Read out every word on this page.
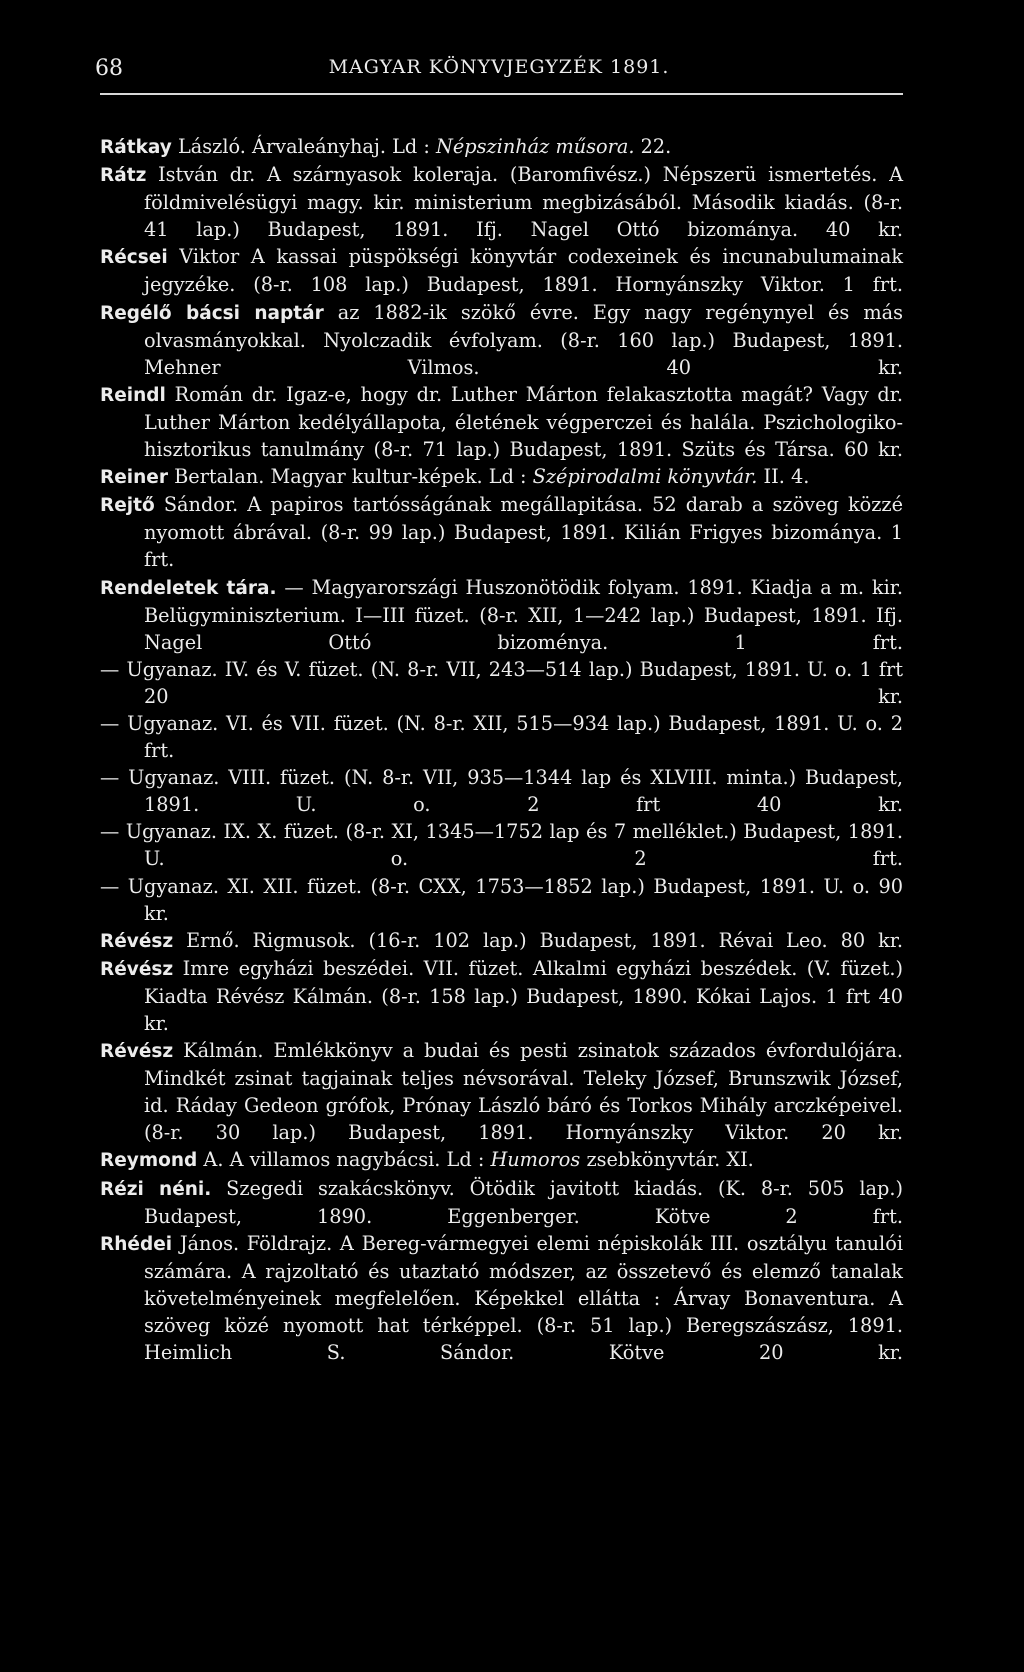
68	MAGYAR KÖNYVJEGYZÉK 1891.
Rátkay László. Árvaleányhaj. Ld : Népszinház műsora. 22.
Rátz István dr. A szárnyasok koleraja. (Baromfivész.) Népszerü ismertetés. A földmivelésügyi magy. kir. ministerium megbizásából. Második kiadás. (8-r. 41 lap.) Budapest, 1891. Ifj. Nagel Ottó bizománya. 40 kr.
Récsei Viktor A kassai püspökségi könyvtár codexeinek és incunabulumainak jegyzéke. (8-r. 108 lap.) Budapest, 1891. Hornyánszky Viktor. 1 frt.
Regélő bácsi naptár az 1882-ik szökő évre. Egy nagy regénynyel és más olvasmányokkal. Nyolczadik évfolyam. (8-r. 160 lap.) Budapest, 1891. Mehner Vilmos. 40 kr.
Reindl Román dr. Igaz-e, hogy dr. Luther Márton felakasztotta magát? Vagy dr. Luther Márton kedélyállapota, életének végperczei és halála. Pszichologiko-hisztorikus tanulmány (8-r. 71 lap.) Budapest, 1891. Szüts és Társa. 60 kr.
Reiner Bertalan. Magyar kultur-képek. Ld : Szépirodalmi könyvtár. II. 4.
Rejtő Sándor. A papiros tartósságának megállapitása. 52 darab a szöveg közzé nyomott ábrával. (8-r. 99 lap.) Budapest, 1891. Kilián Frigyes bizománya. 1 frt.
Rendeletek tára. — Magyarországi Huszonötödik folyam. 1891. Kiadja a m. kir. Belügyminiszterium. I—III füzet. (8-r. XII, 1—242 lap.) Budapest, 1891. Ifj. Nagel Ottó bizoménya. 1 frt.
— Ugyanaz. IV. és V. füzet. (N. 8-r. VII, 243—514 lap.) Budapest, 1891. U. o. 1 frt 20 kr.
— Ugyanaz. VI. és VII. füzet. (N. 8-r. XII, 515—934 lap.) Budapest, 1891. U. o. 2 frt.
— Ugyanaz. VIII. füzet. (N. 8-r. VII, 935—1344 lap és XLVIII. minta.) Budapest, 1891. U. o. 2 frt 40 kr.
— Ugyanaz. IX. X. füzet. (8-r. XI, 1345—1752 lap és 7 melléklet.) Budapest, 1891. U. o. 2 frt.
— Ugyanaz. XI. XII. füzet. (8-r. CXX, 1753—1852 lap.) Budapest, 1891. U. o. 90 kr.
Révész Ernő. Rigmusok. (16-r. 102 lap.) Budapest, 1891. Révai Leo. 80 kr.
Révész Imre egyházi beszédei. VII. füzet. Alkalmi egyházi beszédek. (V. füzet.) Kiadta Révész Kálmán. (8-r. 158 lap.) Budapest, 1890. Kókai Lajos. 1 frt 40 kr.
Révész Kálmán. Emlékkönyv a budai és pesti zsinatok százados évfordulójára. Mindkét zsinat tagjainak teljes névsorával. Teleky József, Brunszwik József, id. Ráday Gedeon grófok, Prónay László báró és Torkos Mihály arczképeivel. (8-r. 30 lap.) Budapest, 1891. Hornyánszky Viktor. 20 kr.
Reymond A. A villamos nagybácsi. Ld : Humoros zsebkönyvtár. XI.
Rézi néni. Szegedi szakácskönyv. Ötödik javitott kiadás. (K. 8-r. 505 lap.) Budapest, 1890. Eggenberger. Kötve 2 frt.
Rhédei János. Földrajz. A Bereg-vármegyei elemi népiskolák III. osztályu tanulói számára. A rajzoltató és utaztató módszer, az összetevő és elemző tanalak követelményeinek megfelelően. Képekkel ellátta : Árvay Bonaventura. A szöveg közé nyomott hat térképpel. (8-r. 51 lap.) Beregszászász, 1891. Heimlich S. Sándor. Kötve 20 kr.
